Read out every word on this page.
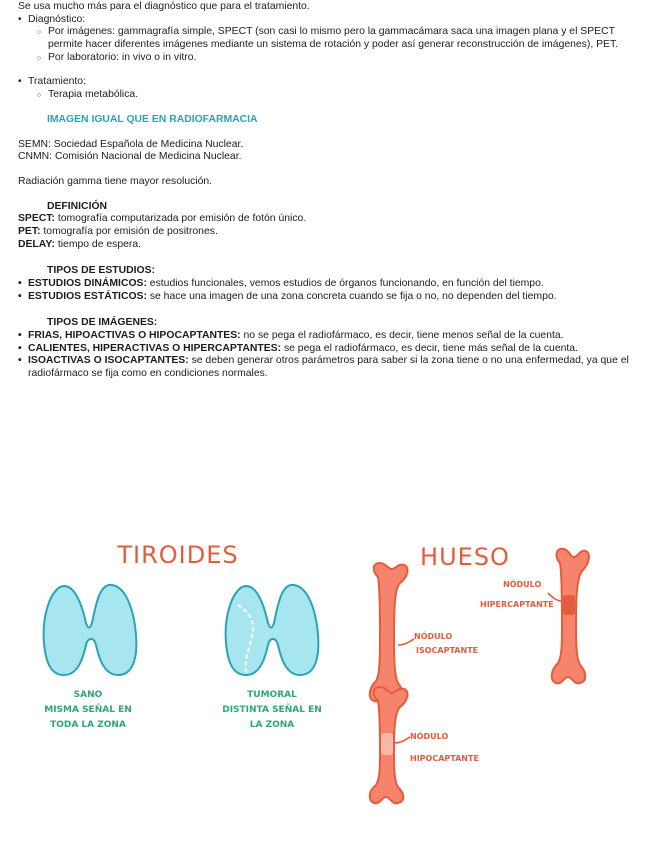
Se usa mucho más para el diagnóstico que para el tratamiento.

• Diagnóstico:
○ Por imágenes: gammagrafía simple, SPECT (son casi lo mismo pero la gammacámara saca una imagen plana y el SPECT permite hacer diferentes imágenes mediante un sistema de rotación y poder así generar reconstrucción de imágenes), PET.
○ Por laboratorio: in vivo o in vitro.
• Tratamiento:
○ Terapia metabólica.

IMAGEN IGUAL QUE EN RADIOFARMACIA

SEMN: Sociedad Española de Medicina Nuclear.

CNMN: Comisión Nacional de Medicina Nuclear.

Radiación gamma tiene mayor resolución.

DEFINICIÓN

SPECT: tomografía computarizada por emisión de fotón único.

PET: tomografía por emisión de positrones.

DELAY: tiempo de espera.

TIPOS DE ESTUDIOS:

• ESTUDIOS DINÁMICOS: estudios funcionales, vemos estudios de órganos funcionando, en función del tiempo.
• ESTUDIOS ESTÁTICOS: se hace una imagen de una zona concreta cuando se fija o no, no dependen del tiempo.

TIPOS DE IMÁGENES:

• FRIAS, HIPOACTIVAS O HIPOCAPTANTES: no se pega el radiofármaco, es decir, tiene menos señal de la cuenta.
• CALIENTES, HIPERACTIVAS O HIPERCAPTANTES: se pega el radiofármaco, es decir, tiene más señal de la cuenta.
• ISOACTIVAS O ISOCAPTANTES: se deben generar otros parámetros para saber si la zona tiene o no una enfermedad, ya que el radiofármaco se fija como en condiciones normales.
TIROIDES	HUESO
SANO
MISMA SEÑAL EN
TODA LA ZONA
TUMORAL
DISTINTA SEÑAL EN
LA ZONA
NÓDULO
ISOCAPTANTE
NÓDULO
HIPERCAPTANTE
NÓDULO
HIPOCAPTANTE
